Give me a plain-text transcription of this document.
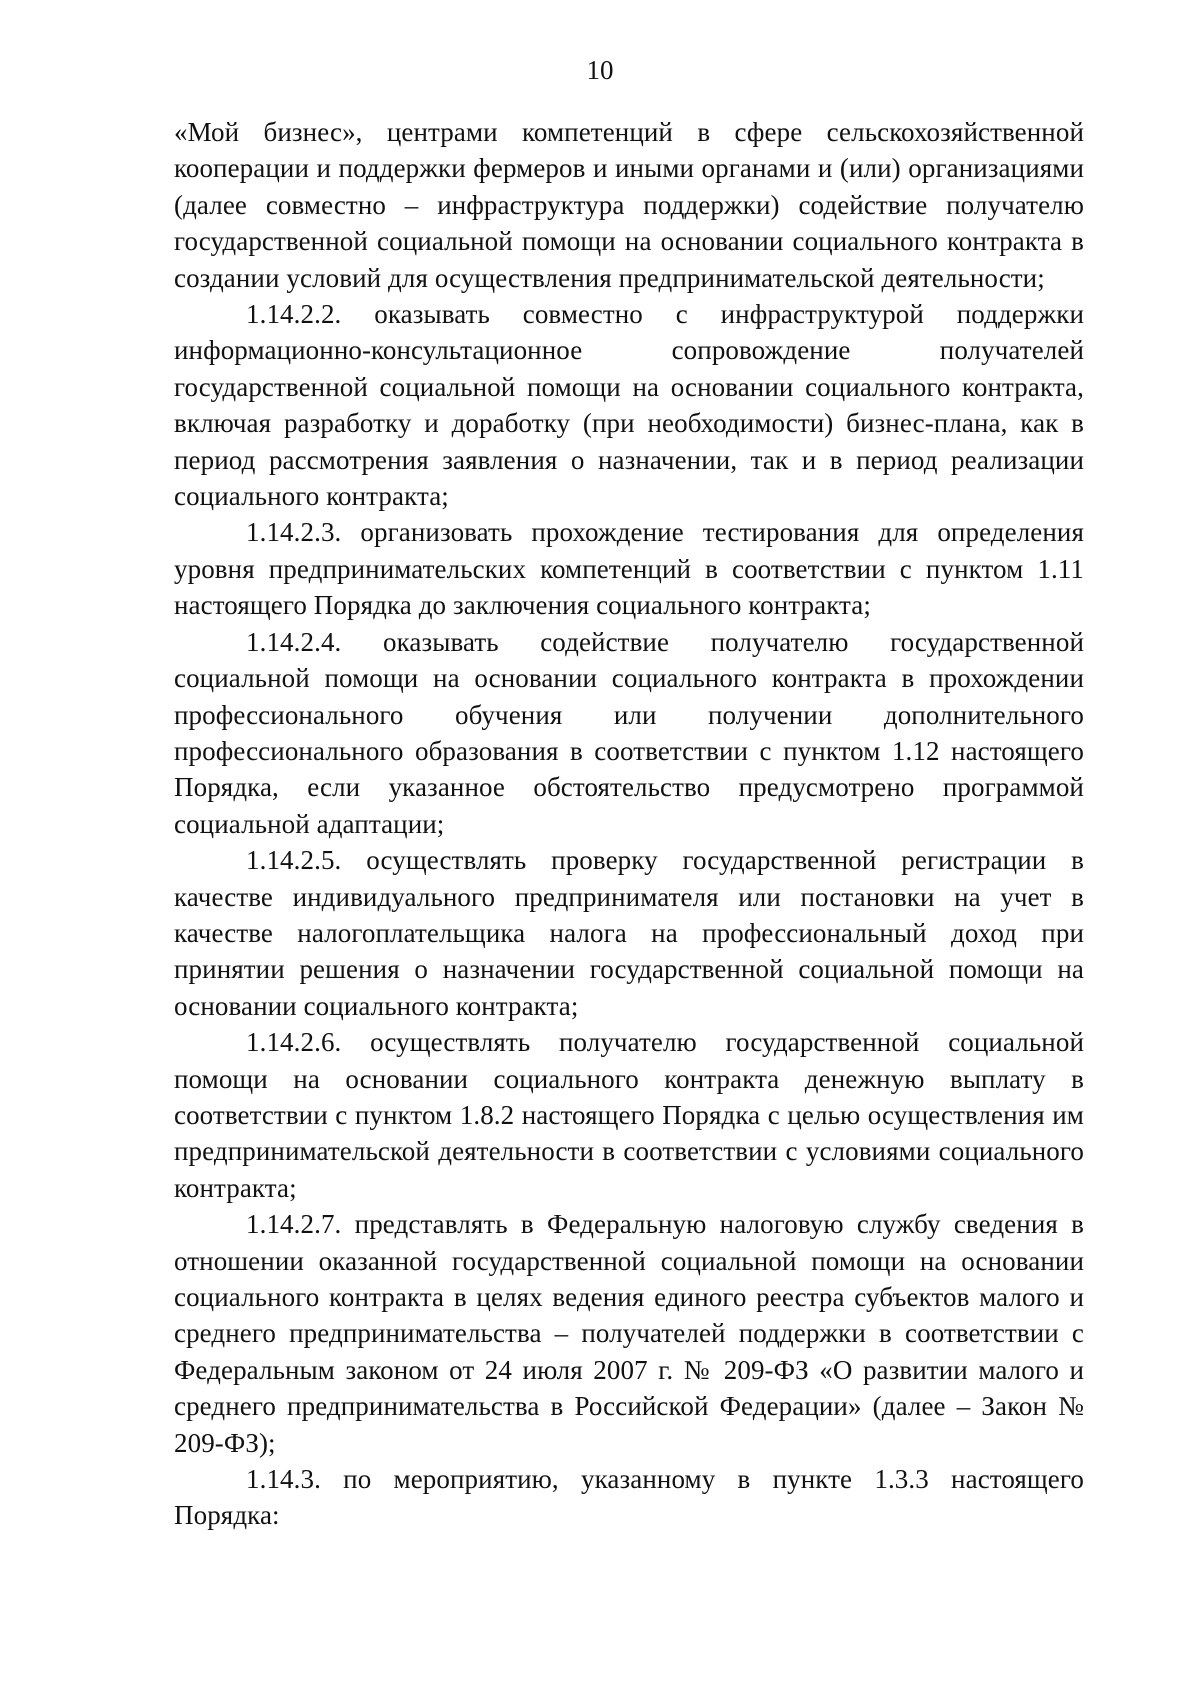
10

«Мой бизнес», центрами компетенций в сфере сельскохозяйственной кооперации и поддержки фермеров и иными органами и (или) организациями (далее совместно – инфраструктура поддержки) содействие получателю государственной социальной помощи на основании социального контракта в создании условий для осуществления предпринимательской деятельности;

1.14.2.2. оказывать совместно с инфраструктурой поддержки информационно-консультационное сопровождение получателей государственной социальной помощи на основании социального контракта, включая разработку и доработку (при необходимости) бизнес-плана, как в период рассмотрения заявления о назначении, так и в период реализации социального контракта;

1.14.2.3. организовать прохождение тестирования для определения уровня предпринимательских компетенций в соответствии с пунктом 1.11 настоящего Порядка до заключения социального контракта;

1.14.2.4. оказывать содействие получателю государственной социальной помощи на основании социального контракта в прохождении профессионального обучения или получении дополнительного профессионального образования в соответствии с пунктом 1.12 настоящего Порядка, если указанное обстоятельство предусмотрено программой социальной адаптации;

1.14.2.5. осуществлять проверку государственной регистрации в качестве индивидуального предпринимателя или постановки на учет в качестве налогоплательщика налога на профессиональный доход при принятии решения о назначении государственной социальной помощи на основании социального контракта;

1.14.2.6. осуществлять получателю государственной социальной помощи на основании социального контракта денежную выплату в соответствии с пунктом 1.8.2 настоящего Порядка с целью осуществления им предпринимательской деятельности в соответствии с условиями социального контракта;

1.14.2.7. представлять в Федеральную налоговую службу сведения в отношении оказанной государственной социальной помощи на основании социального контракта в целях ведения единого реестра субъектов малого и среднего предпринимательства – получателей поддержки в соответствии с Федеральным законом от 24 июля 2007 г. № 209-ФЗ «О развитии малого и среднего предпринимательства в Российской Федерации» (далее – Закон № 209-ФЗ);

1.14.3. по мероприятию, указанному в пункте 1.3.3 настоящего Порядка:
